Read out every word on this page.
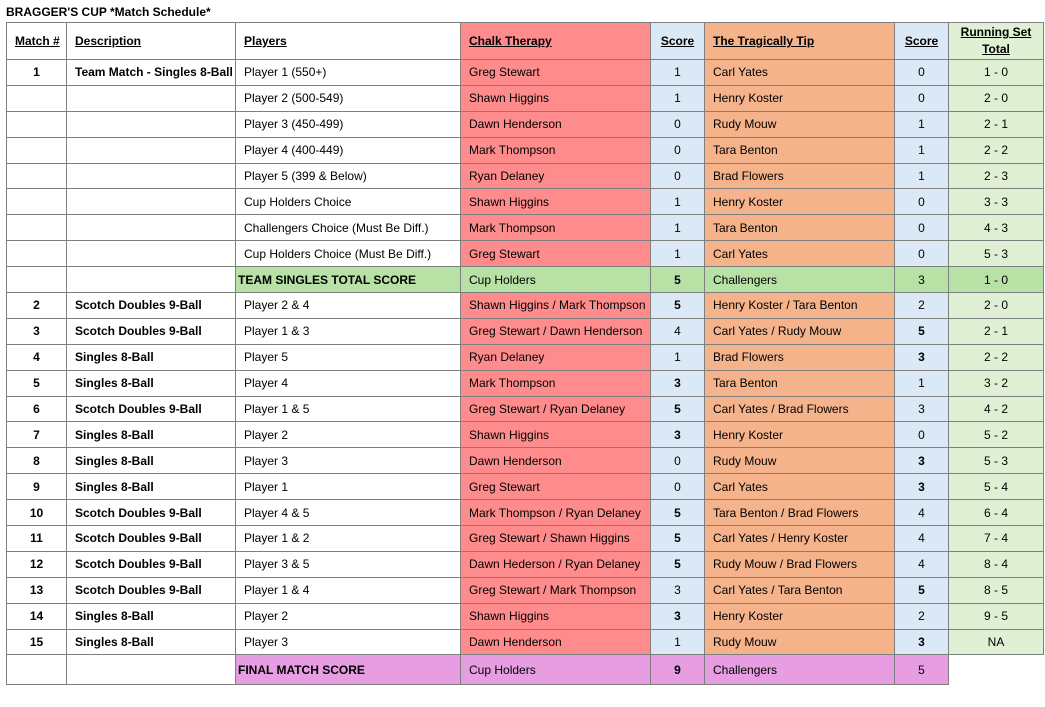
BRAGGER'S CUP *Match Schedule*
Match #	Description	Players	Chalk Therapy	Score	The Tragically Tip	Score	Running Set
Total

1	Team Match - Singles 8-Ball	Player 1 (550+)	Greg Stewart	1	Carl Yates	0	1 - 0
		Player 2 (500-549)	Shawn Higgins	1	Henry Koster	0	2 - 0
		Player 3 (450-499)	Dawn Henderson	0	Rudy Mouw	1	2 - 1
		Player 4 (400-449)	Mark Thompson	0	Tara Benton	1	2 - 2
		Player 5 (399 & Below)	Ryan Delaney	0	Brad Flowers	1	2 - 3
		Cup Holders Choice	Shawn Higgins	1	Henry Koster	0	3 - 3
		Challengers Choice (Must Be Diff.)	Mark Thompson	1	Tara Benton	0	4 - 3
		Cup Holders Choice (Must Be Diff.)	Greg Stewart	1	Carl Yates	0	5 - 3
		TEAM SINGLES TOTAL SCORE	Cup Holders	5	Challengers	3	1 - 0
2	Scotch Doubles 9-Ball	Player 2 & 4	Shawn Higgins / Mark Thompson	5	Henry Koster / Tara Benton	2	2 - 0
3	Scotch Doubles 9-Ball	Player 1 & 3	Greg Stewart / Dawn Henderson	4	Carl Yates / Rudy Mouw	5	2 - 1
4	Singles 8-Ball	Player 5	Ryan Delaney	1	Brad Flowers	3	2 - 2
5	Singles 8-Ball	Player 4	Mark Thompson	3	Tara Benton	1	3 - 2
6	Scotch Doubles 9-Ball	Player 1 & 5	Greg Stewart / Ryan Delaney	5	Carl Yates / Brad Flowers	3	4 - 2
7	Singles 8-Ball	Player 2	Shawn Higgins	3	Henry Koster	0	5 - 2
8	Singles 8-Ball	Player 3	Dawn Henderson	0	Rudy Mouw	3	5 - 3
9	Singles 8-Ball	Player 1	Greg Stewart	0	Carl Yates	3	5 - 4
10	Scotch Doubles 9-Ball	Player 4 & 5	Mark Thompson / Ryan Delaney	5	Tara Benton / Brad Flowers	4	6 - 4
11	Scotch Doubles 9-Ball	Player 1 & 2	Greg Stewart / Shawn Higgins	5	Carl Yates / Henry Koster	4	7 - 4
12	Scotch Doubles 9-Ball	Player 3 & 5	Dawn Hederson / Ryan Delaney	5	Rudy Mouw / Brad Flowers	4	8 - 4
13	Scotch Doubles 9-Ball	Player 1 & 4	Greg Stewart / Mark Thompson	3	Carl Yates / Tara Benton	5	8 - 5
14	Singles 8-Ball	Player 2	Shawn Higgins	3	Henry Koster	2	9 - 5
15	Singles 8-Ball	Player 3	Dawn Henderson	1	Rudy Mouw	3	NA
		FINAL MATCH SCORE	Cup Holders	9	Challengers	5	
